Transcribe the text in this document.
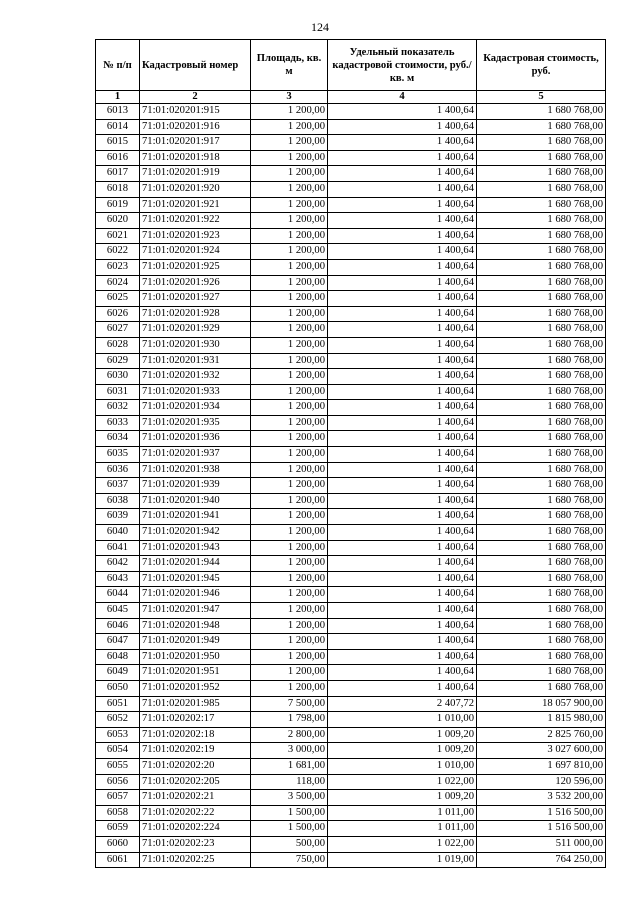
124
№ п/п	Кадастровый номер	Площадь, кв. м	Удельный показатель кадастровой стоимости, руб./кв. м	Кадастровая стоимость, руб.
1	2	3	4	5
6013	71:01:020201:915	1 200,00	1 400,64	1 680 768,00
6014	71:01:020201:916	1 200,00	1 400,64	1 680 768,00
6015	71:01:020201:917	1 200,00	1 400,64	1 680 768,00
6016	71:01:020201:918	1 200,00	1 400,64	1 680 768,00
6017	71:01:020201:919	1 200,00	1 400,64	1 680 768,00
6018	71:01:020201:920	1 200,00	1 400,64	1 680 768,00
6019	71:01:020201:921	1 200,00	1 400,64	1 680 768,00
6020	71:01:020201:922	1 200,00	1 400,64	1 680 768,00
6021	71:01:020201:923	1 200,00	1 400,64	1 680 768,00
6022	71:01:020201:924	1 200,00	1 400,64	1 680 768,00
6023	71:01:020201:925	1 200,00	1 400,64	1 680 768,00
6024	71:01:020201:926	1 200,00	1 400,64	1 680 768,00
6025	71:01:020201:927	1 200,00	1 400,64	1 680 768,00
6026	71:01:020201:928	1 200,00	1 400,64	1 680 768,00
6027	71:01:020201:929	1 200,00	1 400,64	1 680 768,00
6028	71:01:020201:930	1 200,00	1 400,64	1 680 768,00
6029	71:01:020201:931	1 200,00	1 400,64	1 680 768,00
6030	71:01:020201:932	1 200,00	1 400,64	1 680 768,00
6031	71:01:020201:933	1 200,00	1 400,64	1 680 768,00
6032	71:01:020201:934	1 200,00	1 400,64	1 680 768,00
6033	71:01:020201:935	1 200,00	1 400,64	1 680 768,00
6034	71:01:020201:936	1 200,00	1 400,64	1 680 768,00
6035	71:01:020201:937	1 200,00	1 400,64	1 680 768,00
6036	71:01:020201:938	1 200,00	1 400,64	1 680 768,00
6037	71:01:020201:939	1 200,00	1 400,64	1 680 768,00
6038	71:01:020201:940	1 200,00	1 400,64	1 680 768,00
6039	71:01:020201:941	1 200,00	1 400,64	1 680 768,00
6040	71:01:020201:942	1 200,00	1 400,64	1 680 768,00
6041	71:01:020201:943	1 200,00	1 400,64	1 680 768,00
6042	71:01:020201:944	1 200,00	1 400,64	1 680 768,00
6043	71:01:020201:945	1 200,00	1 400,64	1 680 768,00
6044	71:01:020201:946	1 200,00	1 400,64	1 680 768,00
6045	71:01:020201:947	1 200,00	1 400,64	1 680 768,00
6046	71:01:020201:948	1 200,00	1 400,64	1 680 768,00
6047	71:01:020201:949	1 200,00	1 400,64	1 680 768,00
6048	71:01:020201:950	1 200,00	1 400,64	1 680 768,00
6049	71:01:020201:951	1 200,00	1 400,64	1 680 768,00
6050	71:01:020201:952	1 200,00	1 400,64	1 680 768,00
6051	71:01:020201:985	7 500,00	2 407,72	18 057 900,00
6052	71:01:020202:17	1 798,00	1 010,00	1 815 980,00
6053	71:01:020202:18	2 800,00	1 009,20	2 825 760,00
6054	71:01:020202:19	3 000,00	1 009,20	3 027 600,00
6055	71:01:020202:20	1 681,00	1 010,00	1 697 810,00
6056	71:01:020202:205	118,00	1 022,00	120 596,00
6057	71:01:020202:21	3 500,00	1 009,20	3 532 200,00
6058	71:01:020202:22	1 500,00	1 011,00	1 516 500,00
6059	71:01:020202:224	1 500,00	1 011,00	1 516 500,00
6060	71:01:020202:23	500,00	1 022,00	511 000,00
6061	71:01:020202:25	750,00	1 019,00	764 250,00
